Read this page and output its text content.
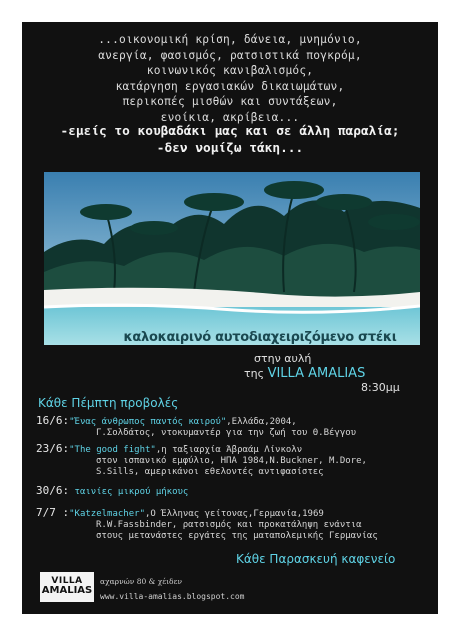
...οικονομική κρίση, δάνεια, μνημόνιο,
ανεργία, φασισμός, ρατσιστικά πογκρόμ,
κοινωνικός κανιβαλισμός,
κατάργηση εργασιακών δικαιωμάτων,
περικοπές μισθών και συντάξεων,
ενοίκια, ακρίβεια...
-εμείς το κουβαδάκι μας και σε άλλη παραλία;
-δεν νομίζω τάκη...
καλοκαιρινό αυτοδιαχειριζόμενο στέκι
στην αυλή
της VILLA AMALIAS
8:30μμ
Κάθε Πέμπτη προβολές
16/6:"Ένας άνθρωπος παντός καιρού",Ελλάδα,2004,
Γ.Σολδάτος, ντοκυμαντέρ για την ζωή του Θ.Βέγγου
23/6:"The good fight",η ταξιαρχία Άβραάμ Λίνκολν
στον ισπανικό εμφύλιο, ΗΠΑ 1984,N.Buckner, M.Dore,
S.Sills, αμερικάνοι εθελοντές αντιφασίστες
30/6: ταινίες μικρού μήκους
7/7 :"Katzelmacher",Ο Έλληνας γείτονας,Γερμανία,1969
R.W.Fassbinder, ρατσισμός και προκατάληψη ενάντια
στους μετανάστες εργάτες της ματαπολεμικής Γερμανίας
Κάθε Παρασκευή καφενείο
VILLA
AMALIAS
αχαρνών 80 & χέιδεν
www.villa-amalias.blogspot.com
